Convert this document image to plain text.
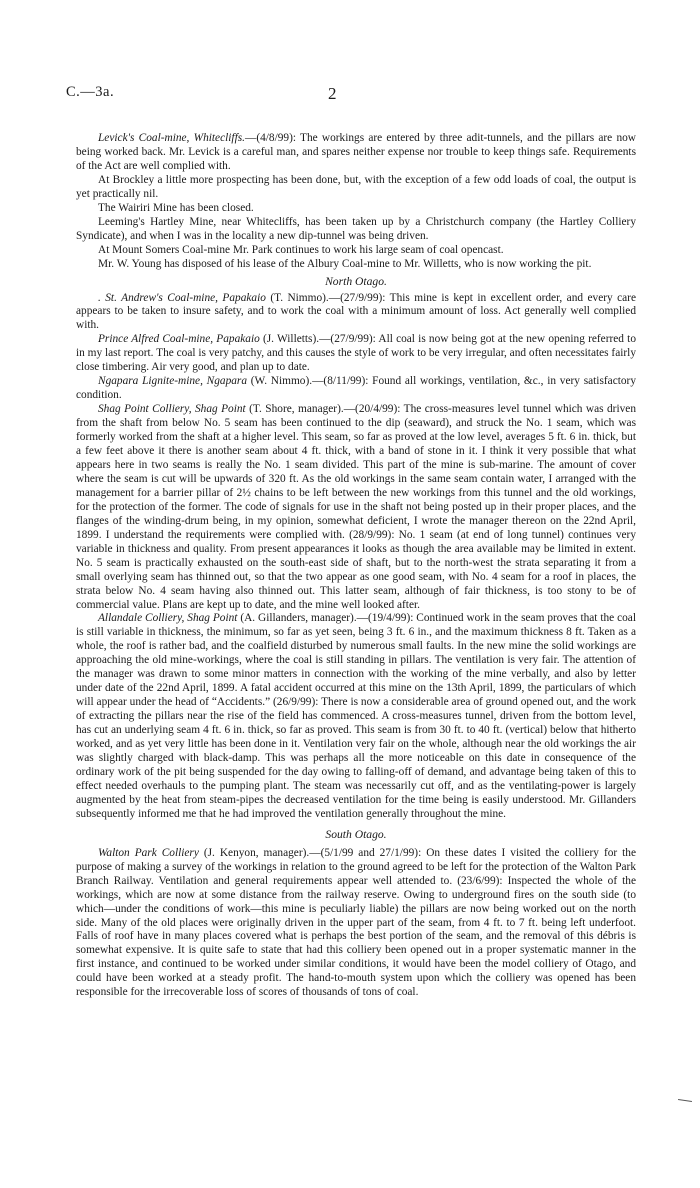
C.—3a.	2

Levick's Coal-mine, Whitecliffs.—(4/8/99): The workings are entered by three adit-tunnels, and the pillars are now being worked back. Mr. Levick is a careful man, and spares neither expense nor trouble to keep things safe. Requirements of the Act are well complied with.

At Brockley a little more prospecting has been done, but, with the exception of a few odd loads of coal, the output is yet practically nil.

The Wairiri Mine has been closed.

Leeming's Hartley Mine, near Whitecliffs, has been taken up by a Christchurch company (the Hartley Colliery Syndicate), and when I was in the locality a new dip-tunnel was being driven.

At Mount Somers Coal-mine Mr. Park continues to work his large seam of coal opencast.

Mr. W. Young has disposed of his lease of the Albury Coal-mine to Mr. Willetts, who is now working the pit.

North Otago.

. St. Andrew's Coal-mine, Papakaio (T. Nimmo).—(27/9/99): This mine is kept in excellent order, and every care appears to be taken to insure safety, and to work the coal with a minimum amount of loss. Act generally well complied with.

Prince Alfred Coal-mine, Papakaio (J. Willetts).—(27/9/99): All coal is now being got at the new opening referred to in my last report. The coal is very patchy, and this causes the style of work to be very irregular, and often necessitates fairly close timbering. Air very good, and plan up to date.

Ngapara Lignite-mine, Ngapara (W. Nimmo).—(8/11/99): Found all workings, ventilation, &c., in very satisfactory condition.

Shag Point Colliery, Shag Point (T. Shore, manager).—(20/4/99): The cross-measures level tunnel which was driven from the shaft from below No. 5 seam has been continued to the dip (seaward), and struck the No. 1 seam, which was formerly worked from the shaft at a higher level. This seam, so far as proved at the low level, averages 5 ft. 6 in. thick, but a few feet above it there is another seam about 4 ft. thick, with a band of stone in it. I think it very possible that what appears here in two seams is really the No. 1 seam divided. This part of the mine is sub-marine. The amount of cover where the seam is cut will be upwards of 320 ft. As the old workings in the same seam contain water, I arranged with the management for a barrier pillar of 2½ chains to be left between the new workings from this tunnel and the old workings, for the protection of the former. The code of signals for use in the shaft not being posted up in their proper places, and the flanges of the winding-drum being, in my opinion, somewhat deficient, I wrote the manager thereon on the 22nd April, 1899. I understand the requirements were complied with. (28/9/99): No. 1 seam (at end of long tunnel) continues very variable in thickness and quality. From present appearances it looks as though the area available may be limited in extent. No. 5 seam is practically exhausted on the south-east side of shaft, but to the north-west the strata separating it from a small overlying seam has thinned out, so that the two appear as one good seam, with No. 4 seam for a roof in places, the strata below No. 4 seam having also thinned out. This latter seam, although of fair thickness, is too stony to be of commercial value. Plans are kept up to date, and the mine well looked after.

Allandale Colliery, Shag Point (A. Gillanders, manager).—(19/4/99): Continued work in the seam proves that the coal is still variable in thickness, the minimum, so far as yet seen, being 3 ft. 6 in., and the maximum thickness 8 ft. Taken as a whole, the roof is rather bad, and the coalfield disturbed by numerous small faults. In the new mine the solid workings are approaching the old mine-workings, where the coal is still standing in pillars. The ventilation is very fair. The attention of the manager was drawn to some minor matters in connection with the working of the mine verbally, and also by letter under date of the 22nd April, 1899. A fatal accident occurred at this mine on the 13th April, 1899, the particulars of which will appear under the head of “Accidents.” (26/9/99): There is now a considerable area of ground opened out, and the work of extracting the pillars near the rise of the field has commenced. A cross-measures tunnel, driven from the bottom level, has cut an underlying seam 4 ft. 6 in. thick, so far as proved. This seam is from 30 ft. to 40 ft. (vertical) below that hitherto worked, and as yet very little has been done in it. Ventilation very fair on the whole, although near the old workings the air was slightly charged with black-damp. This was perhaps all the more noticeable on this date in consequence of the ordinary work of the pit being suspended for the day owing to falling-off of demand, and advantage being taken of this to effect needed overhauls to the pumping plant. The steam was necessarily cut off, and as the ventilating-power is largely augmented by the heat from steam-pipes the decreased ventilation for the time being is easily understood. Mr. Gillanders subsequently informed me that he had improved the ventilation generally throughout the mine.

South Otago.

Walton Park Colliery (J. Kenyon, manager).—(5/1/99 and 27/1/99): On these dates I visited the colliery for the purpose of making a survey of the workings in relation to the ground agreed to be left for the protection of the Walton Park Branch Railway. Ventilation and general requirements appear well attended to. (23/6/99): Inspected the whole of the workings, which are now at some distance from the railway reserve. Owing to underground fires on the south side (to which—under the conditions of work—this mine is peculiarly liable) the pillars are now being worked out on the north side. Many of the old places were originally driven in the upper part of the seam, from 4 ft. to 7 ft. being left underfoot. Falls of roof have in many places covered what is perhaps the best portion of the seam, and the removal of this débris is somewhat expensive. It is quite safe to state that had this colliery been opened out in a proper systematic manner in the first instance, and continued to be worked under similar conditions, it would have been the model colliery of Otago, and could have been worked at a steady profit. The hand-to-mouth system upon which the colliery was opened has been responsible for the irrecoverable loss of scores of thousands of tons of coal.
